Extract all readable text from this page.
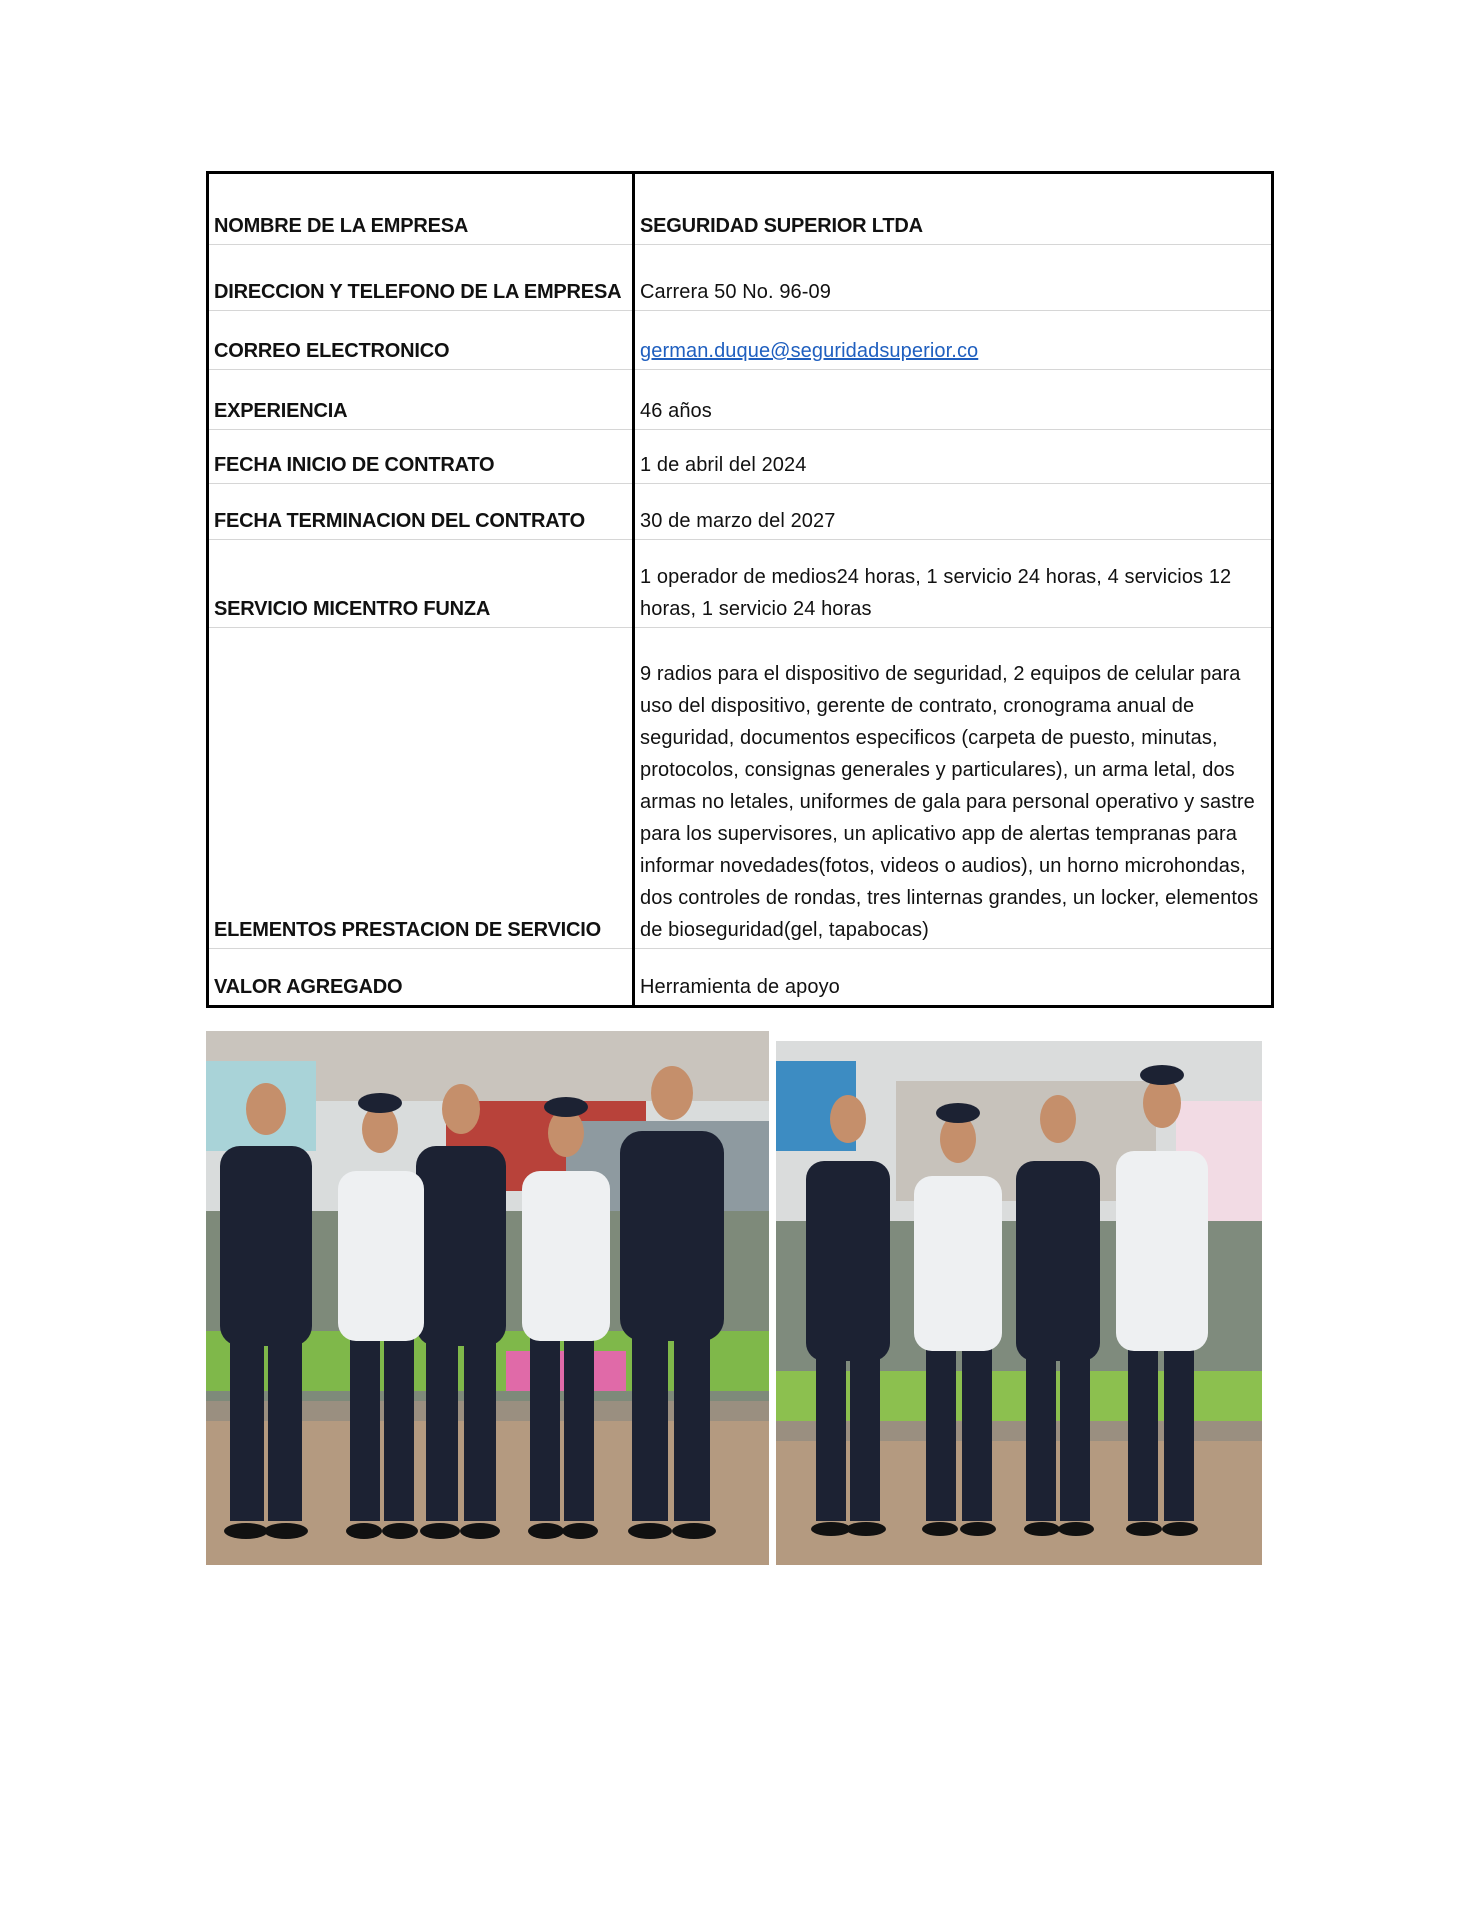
NOMBRE DE LA EMPRESA	SEGURIDAD SUPERIOR LTDA
DIRECCION Y TELEFONO DE LA EMPRESA	Carrera 50 No. 96-09
CORREO ELECTRONICO	german.duque@seguridadsuperior.co
EXPERIENCIA	46 años
FECHA INICIO DE CONTRATO	1 de abril del 2024
FECHA TERMINACION DEL CONTRATO	30 de marzo del 2027
SERVICIO MICENTRO FUNZA	1 operador de medios24 horas, 1 servicio 24 horas, 4 servicios 12 horas, 1 servicio 24 horas
ELEMENTOS PRESTACION DE SERVICIO	9 radios para el dispositivo de seguridad, 2 equipos de celular para uso del dispositivo, gerente de contrato, cronograma anual de seguridad, documentos especificos (carpeta de puesto, minutas, protocolos, consignas generales y particulares), un arma letal, dos armas no letales, uniformes de gala para personal operativo y sastre para los supervisores, un aplicativo app de alertas tempranas para informar novedades(fotos, videos o audios), un horno microhondas, dos controles de rondas, tres linternas grandes, un locker, elementos de bioseguridad(gel, tapabocas)
VALOR AGREGADO	Herramienta de apoyo
